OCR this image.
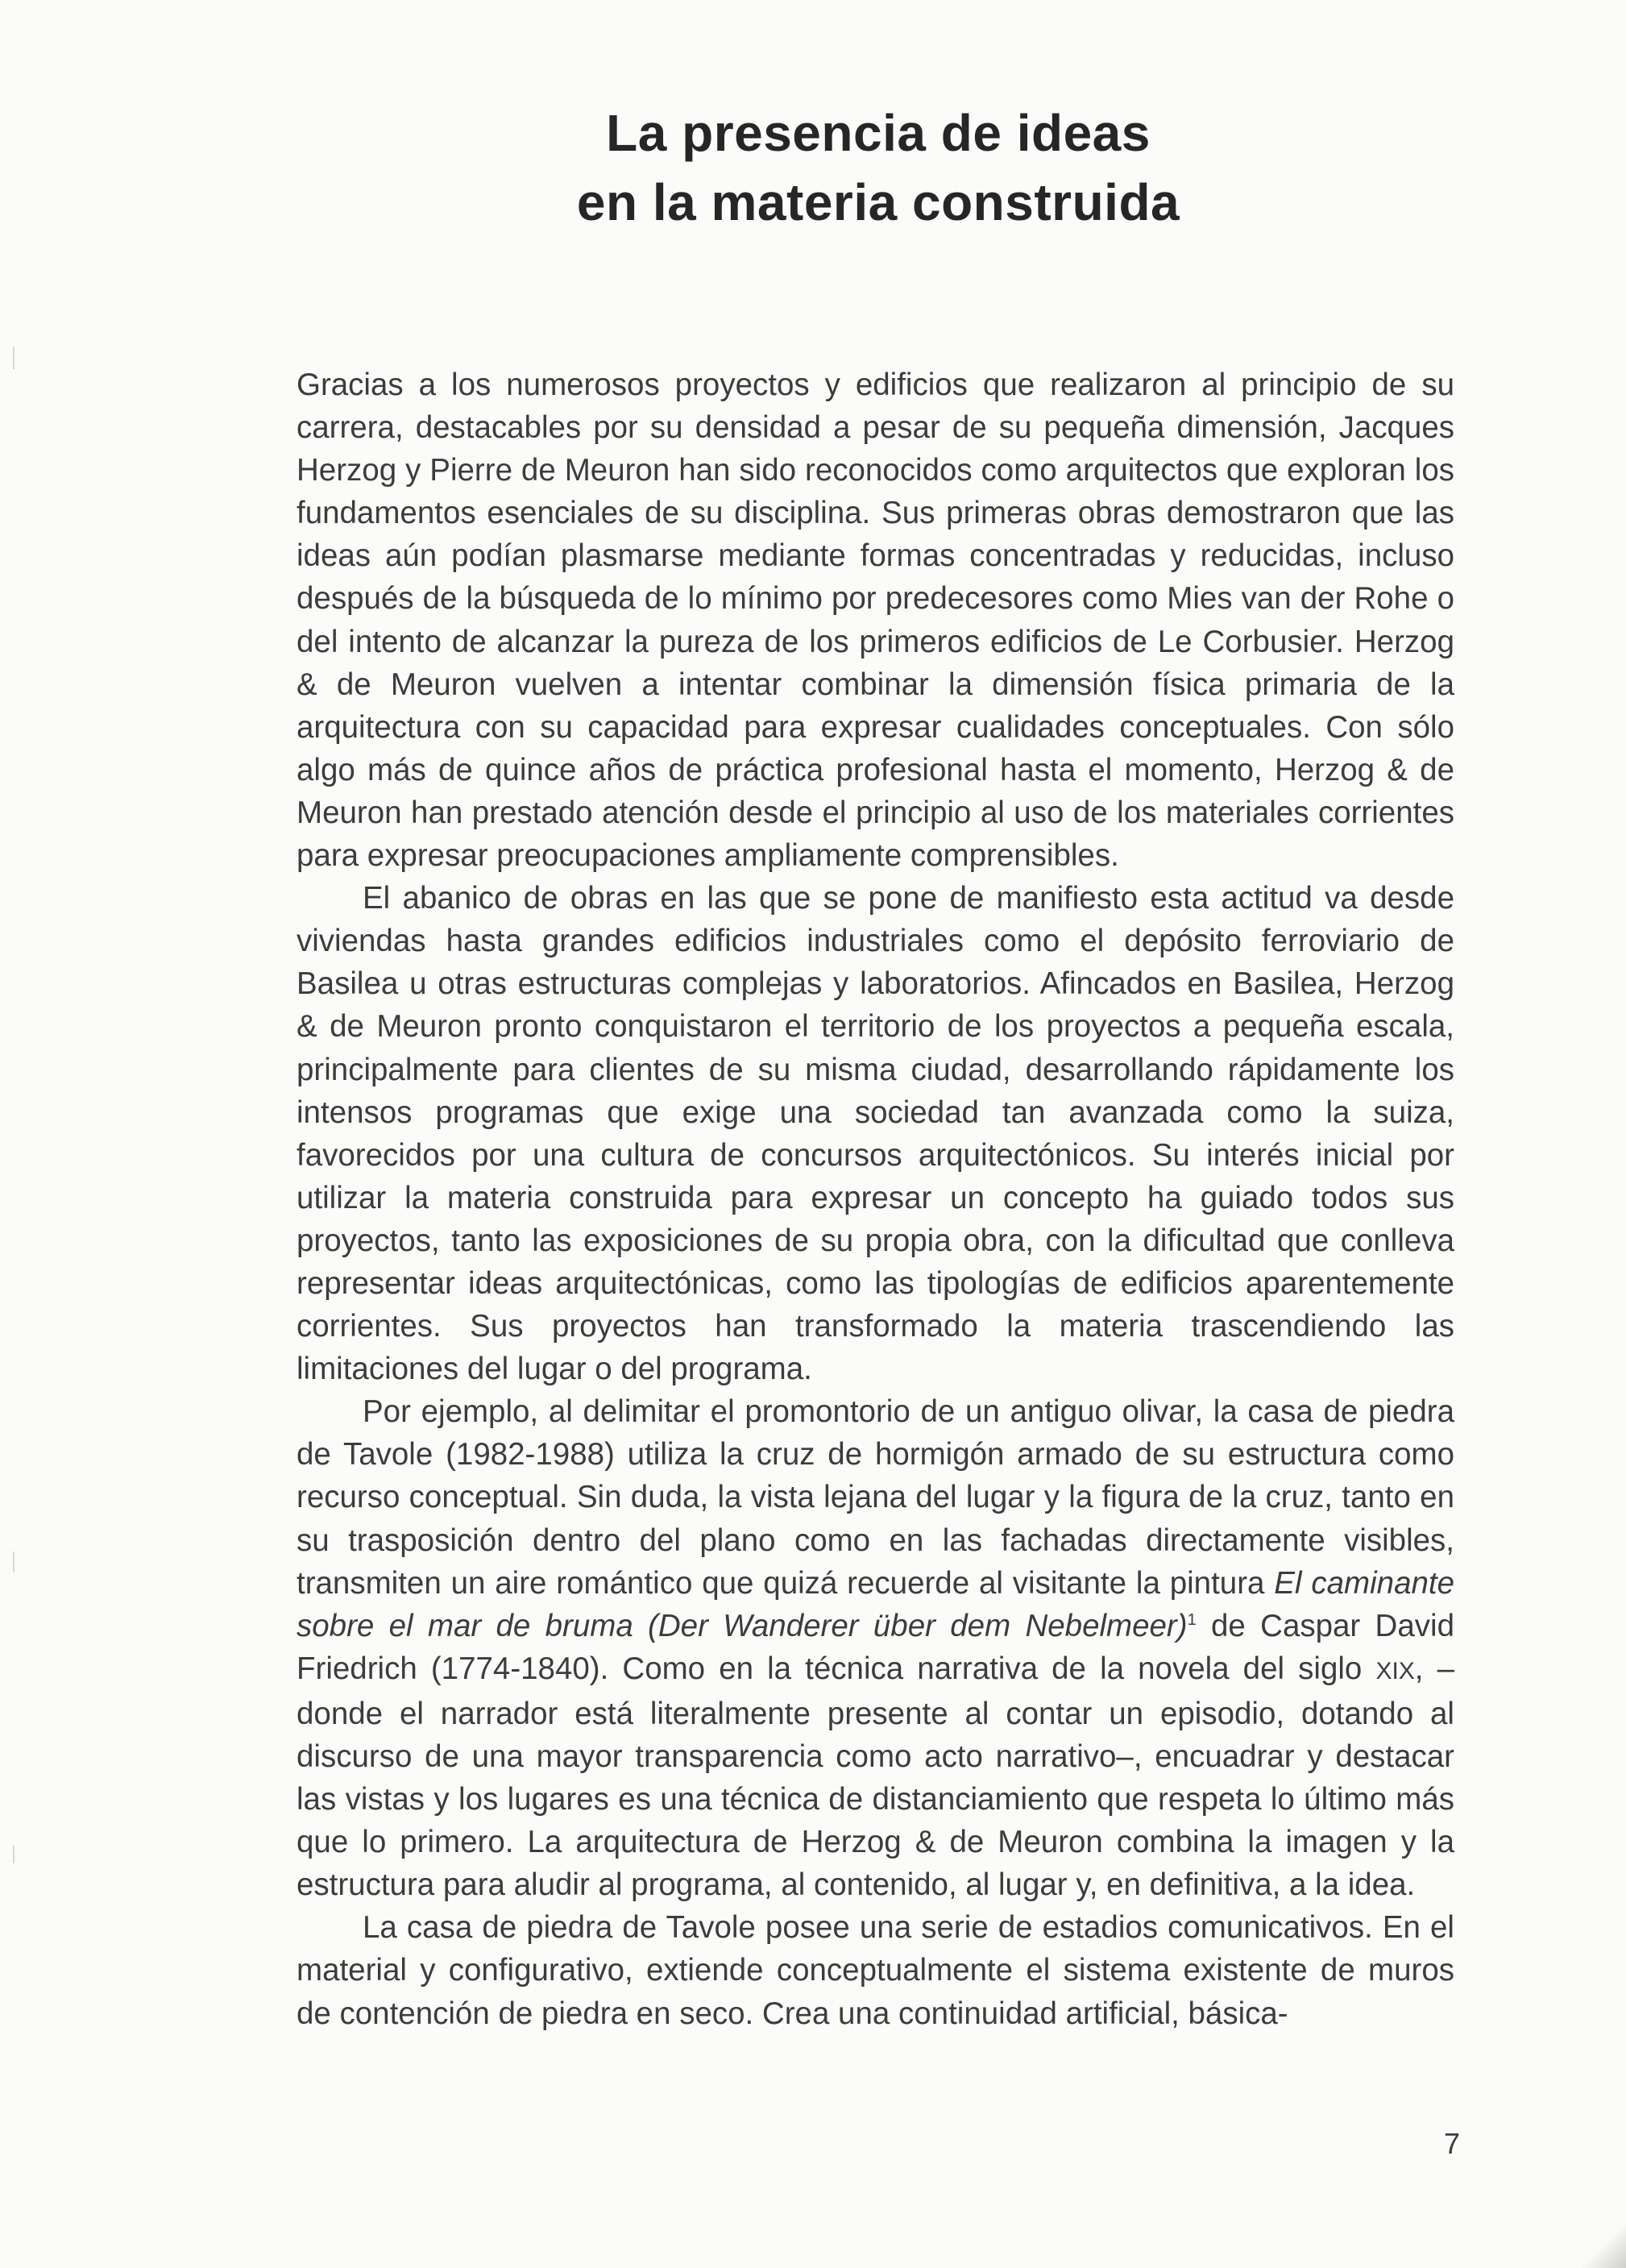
La presencia de ideas
en la materia construida

Gracias a los numerosos proyectos y edificios que realizaron al principio de su carrera, destacables por su densidad a pesar de su pequeña dimensión, Jacques Herzog y Pierre de Meuron han sido reconocidos como arquitectos que exploran los fundamentos esenciales de su disciplina. Sus primeras obras demostraron que las ideas aún podían plasmarse mediante formas concentradas y reducidas, incluso después de la búsqueda de lo mínimo por predecesores como Mies van der Rohe o del intento de alcanzar la pureza de los primeros edificios de Le Corbusier. Herzog & de Meuron vuelven a intentar combinar la dimensión física primaria de la arquitectura con su capacidad para expresar cualidades conceptuales. Con sólo algo más de quince años de práctica profesional hasta el momento, Herzog & de Meuron han prestado atención desde el principio al uso de los materiales corrientes para expresar preocupaciones ampliamente comprensibles.

El abanico de obras en las que se pone de manifiesto esta actitud va desde viviendas hasta grandes edificios industriales como el depósito ferroviario de Basilea u otras estructuras complejas y laboratorios. Afincados en Basilea, Herzog & de Meuron pronto conquistaron el territorio de los proyectos a pequeña escala, principalmente para clientes de su misma ciudad, desarrollando rápidamente los intensos programas que exige una sociedad tan avanzada como la suiza, favorecidos por una cultura de concursos arquitectónicos. Su interés inicial por utilizar la materia construida para expresar un concepto ha guiado todos sus proyectos, tanto las exposiciones de su propia obra, con la dificultad que conlleva representar ideas arquitectónicas, como las tipologías de edificios aparentemente corrientes. Sus proyectos han transformado la materia trascendiendo las limitaciones del lugar o del programa.

Por ejemplo, al delimitar el promontorio de un antiguo olivar, la casa de piedra de Tavole (1982-1988) utiliza la cruz de hormigón armado de su estructura como recurso conceptual. Sin duda, la vista lejana del lugar y la figura de la cruz, tanto en su trasposición dentro del plano como en las fachadas directamente visibles, transmiten un aire romántico que quizá recuerde al visitante la pintura El caminante sobre el mar de bruma (Der Wanderer über dem Nebelmeer)$^1$ de Caspar David Friedrich (1774-1840). Como en la técnica narrativa de la novela del siglo XIX, –donde el narrador está literalmente presente al contar un episodio, dotando al discurso de una mayor transparencia como acto narrativo–, encuadrar y destacar las vistas y los lugares es una técnica de distanciamiento que respeta lo último más que lo primero. La arquitectura de Herzog & de Meuron combina la imagen y la estructura para aludir al programa, al contenido, al lugar y, en definitiva, a la idea.

La casa de piedra de Tavole posee una serie de estadios comunicativos. En el material y configurativo, extiende conceptualmente el sistema existente de muros de contención de piedra en seco. Crea una continuidad artificial, básica-

7
